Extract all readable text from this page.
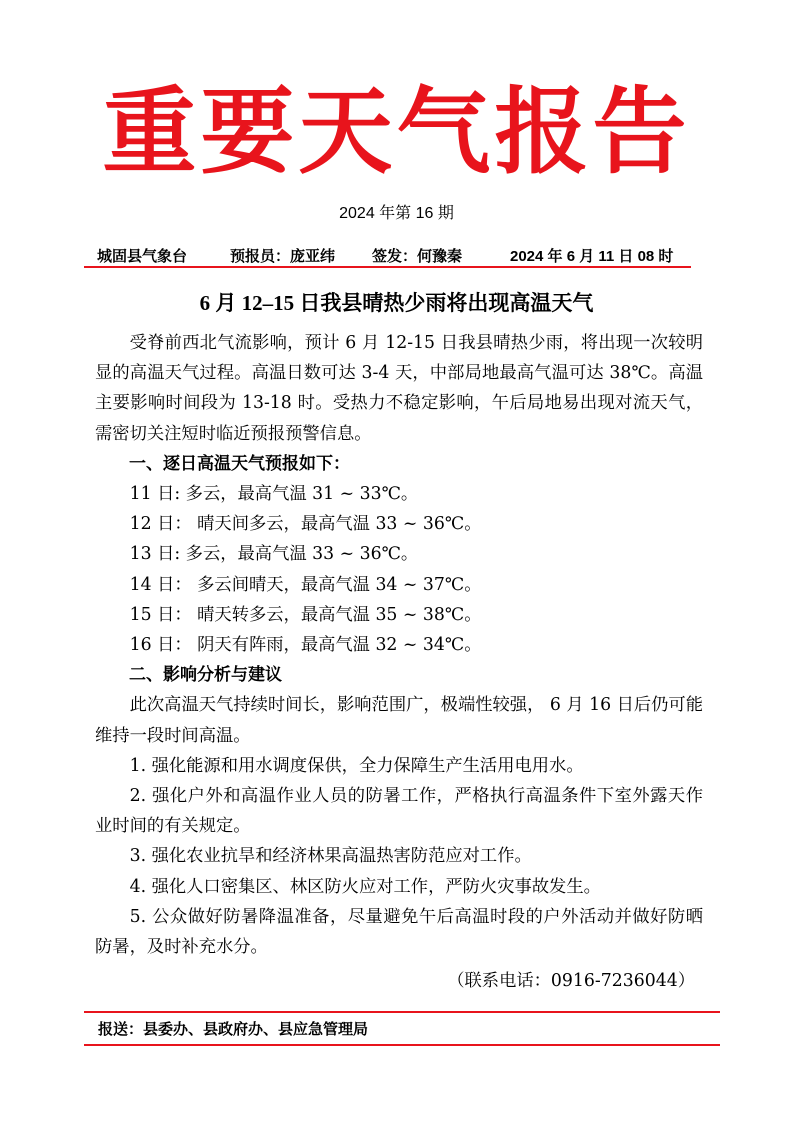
重要天气报告
2024 年第 16 期
城固县气象台	预报员：庞亚纬 签发：何豫秦	2024 年 6 月 11 日 08 时
6 月 12–15 日我县晴热少雨将出现高温天气

受脊前西北气流影响，预计 6 月 12-15 日我县晴热少雨，将出现一次较明显的高温天气过程。高温日数可达 3-4 天，中部局地最高气温可达 38℃。高温主要影响时间段为 13-18 时。受热力不稳定影响，午后局地易出现对流天气，需密切关注短时临近预报预警信息。

一、逐日高温天气预报如下：

11 日: 多云，最高气温 31 ~ 33℃。

12 日： 晴天间多云，最高气温 33 ~ 36℃。

13 日: 多云，最高气温 33 ~ 36℃。

14 日： 多云间晴天，最高气温 34 ~ 37℃。

15 日： 晴天转多云，最高气温 35 ~ 38℃。

16 日： 阴天有阵雨，最高气温 32 ~ 34℃。

二、影响分析与建议

此次高温天气持续时间长，影响范围广，极端性较强， 6 月 16 日后仍可能维持一段时间高温。

1. 强化能源和用水调度保供，全力保障生产生活用电用水。

2. 强化户外和高温作业人员的防暑工作，严格执行高温条件下室外露天作业时间的有关规定。

3. 强化农业抗旱和经济林果高温热害防范应对工作。

4. 强化人口密集区、林区防火应对工作，严防火灾事故发生。

5. 公众做好防暑降温准备，尽量避免午后高温时段的户外活动并做好防晒防暑，及时补充水分。

（联系电话：0916-7236044）

报送：县委办、县政府办、县应急管理局
